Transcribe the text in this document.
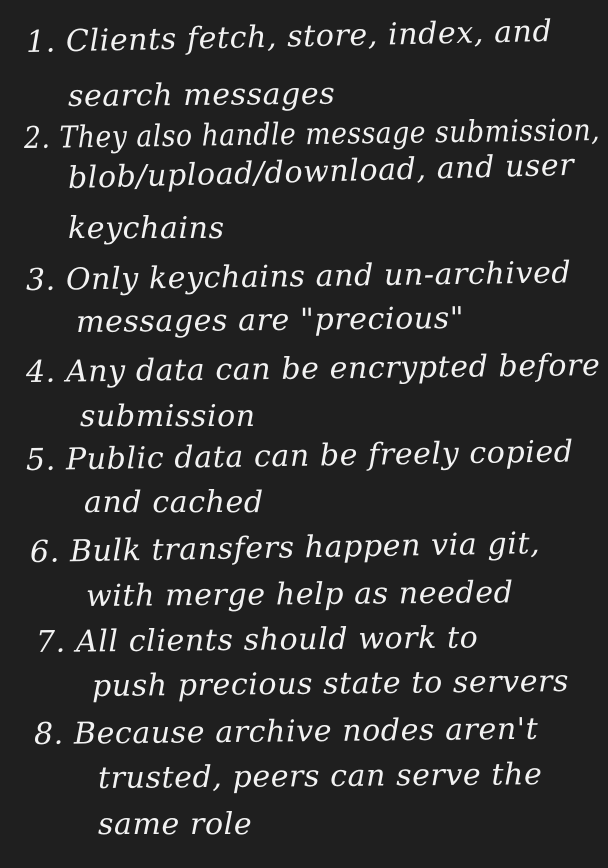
1. Clients fetch, store, index, and
search messages
2. They also handle message submission,
blob/upload/download, and user
keychains
3. Only keychains and un-archived
messages are "precious"
4. Any data can be encrypted before
submission
5. Public data can be freely copied
and cached
6. Bulk transfers happen via git,
with merge help as needed
7. All clients should work to
push precious state to servers
8. Because archive nodes aren't
trusted, peers can serve the
same role
